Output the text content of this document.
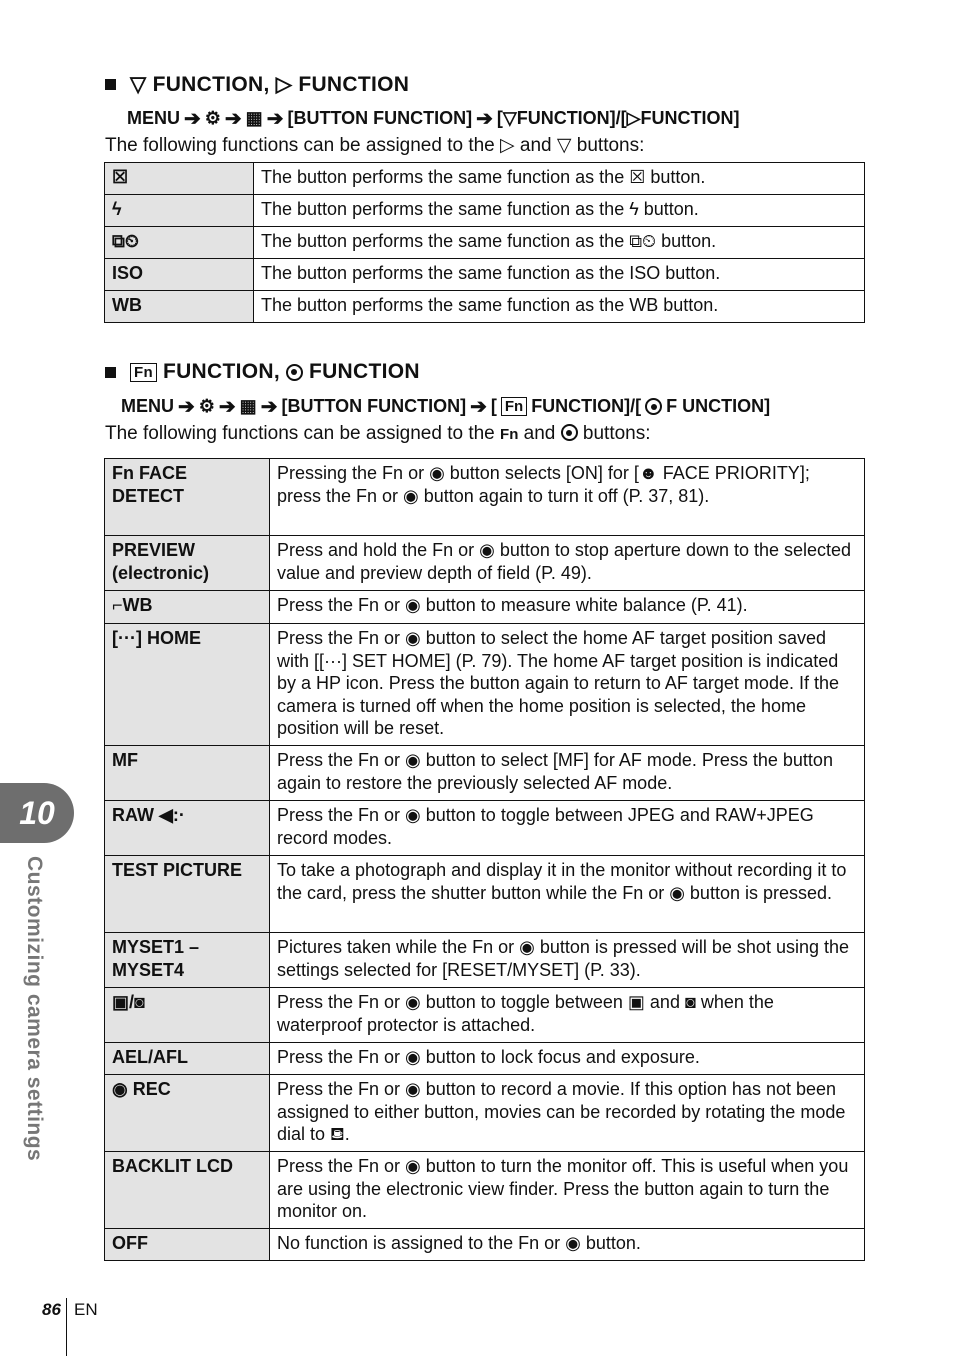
▽ FUNCTION, ▷ FUNCTION
MENU ➔ ⚙ ➔ ▦ ➔ [BUTTON FUNCTION] ➔ [▽FUNCTION]/[▷FUNCTION]
The following functions can be assigned to the ▷ and ▽ buttons:
☒	The button performs the same function as the ☒ button.
ϟ	The button performs the same function as the ϟ button.
⧉⏲	The button performs the same function as the ⧉⏲ button.
ISO	The button performs the same function as the ISO button.
WB	The button performs the same function as the WB button.
Fn FUNCTION, FUNCTION
MENU ➔ ⚙ ➔ ▦ ➔ [BUTTON FUNCTION] ➔ [ Fn FUNCTION]/[ F UNCTION]
The following functions can be assigned to the Fn and buttons:
Fn FACE DETECT	Pressing the Fn or ◉ button selects [ON] for [☻ FACE PRIORITY]; press the Fn or ◉ button again to turn it off (P. 37, 81).
PREVIEW (electronic)	Press and hold the Fn or ◉ button to stop aperture down to the selected value and preview depth of field (P. 49).
⌐WB	Press the Fn or ◉ button to measure white balance (P. 41).
[···] HOME	Press the Fn or ◉ button to select the home AF target position saved with [[···] SET HOME] (P. 79). The home AF target position is indicated by a HP icon. Press the button again to return to AF target mode. If the camera is turned off when the home position is selected, the home position will be reset.
MF	Press the Fn or ◉ button to select [MF] for AF mode. Press the button again to restore the previously selected AF mode.
RAW ◀:·	Press the Fn or ◉ button to toggle between JPEG and RAW+JPEG record modes.
TEST PICTURE	To take a photograph and display it in the monitor without recording it to the card, press the shutter button while the Fn or ◉ button is pressed.
MYSET1 – MYSET4	Pictures taken while the Fn or ◉ button is pressed will be shot using the settings selected for [RESET/MYSET] (P. 33).
▣/◙	Press the Fn or ◉ button to toggle between ▣ and ◙ when the waterproof protector is attached.
AEL/AFL	Press the Fn or ◉ button to lock focus and exposure.
◉ REC	Press the Fn or ◉ button to record a movie. If this option has not been assigned to either button, movies can be recorded by rotating the mode dial to ⛾.
BACKLIT LCD	Press the Fn or ◉ button to turn the monitor off. This is useful when you are using the electronic view finder. Press the button again to turn the monitor on.
OFF	No function is assigned to the Fn or ◉ button.
10
Customizing camera settings
86 EN
